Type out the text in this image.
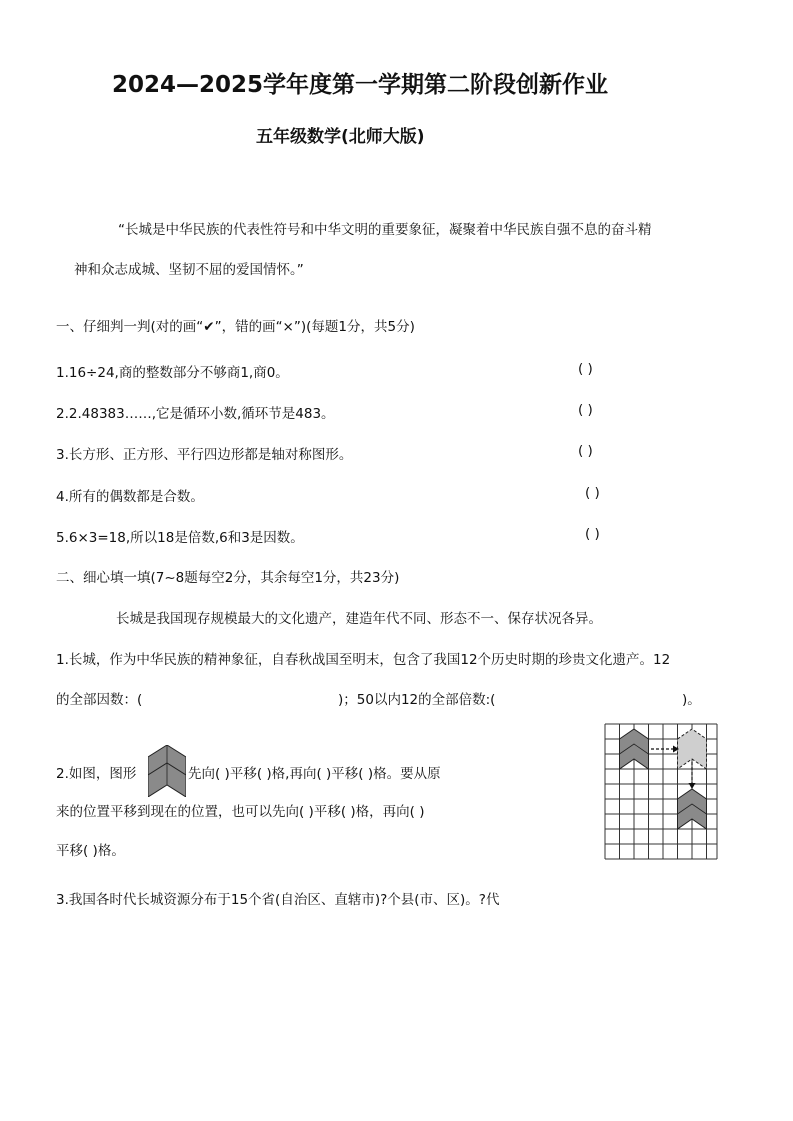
2024—2025学年度第一学期第二阶段创新作业
五年级数学(北师大版)
“长城是中华民族的代表性符号和中华文明的重要象征，凝聚着中华民族自强不息的奋斗精
神和众志成城、坚韧不屈的爱国情怀。”
一、仔细判一判(对的画“✔”，错的画“×”)(每题1分，共5分)
1.16÷24,商的整数部分不够商1,商0。	( )
2.2.48383……,它是循环小数,循环节是483。	( )
3.长方形、正方形、平行四边形都是轴对称图形。	( )
4.所有的偶数都是合数。	( )
5.6×3=18,所以18是倍数,6和3是因数。	( )
二、细心填一填(7~8题每空2分，其余每空1分，共23分)
长城是我国现存规模最大的文化遗产，建造年代不同、形态不一、保存状况各异。
1.长城，作为中华民族的精神象征，自春秋战国至明末，包含了我国12个历史时期的珍贵文化遗产。12
的全部因数：(	)；50以内12的全部倍数:(	)。
2.如图，图形	先向( )平移( )格,再向( )平移( )格。要从原
来的位置平移到现在的位置，也可以先向( )平移( )格，再向( )
平移( )格。
3.我国各时代长城资源分布于15个省(自治区、直辖市)?个县(市、区)。?代
